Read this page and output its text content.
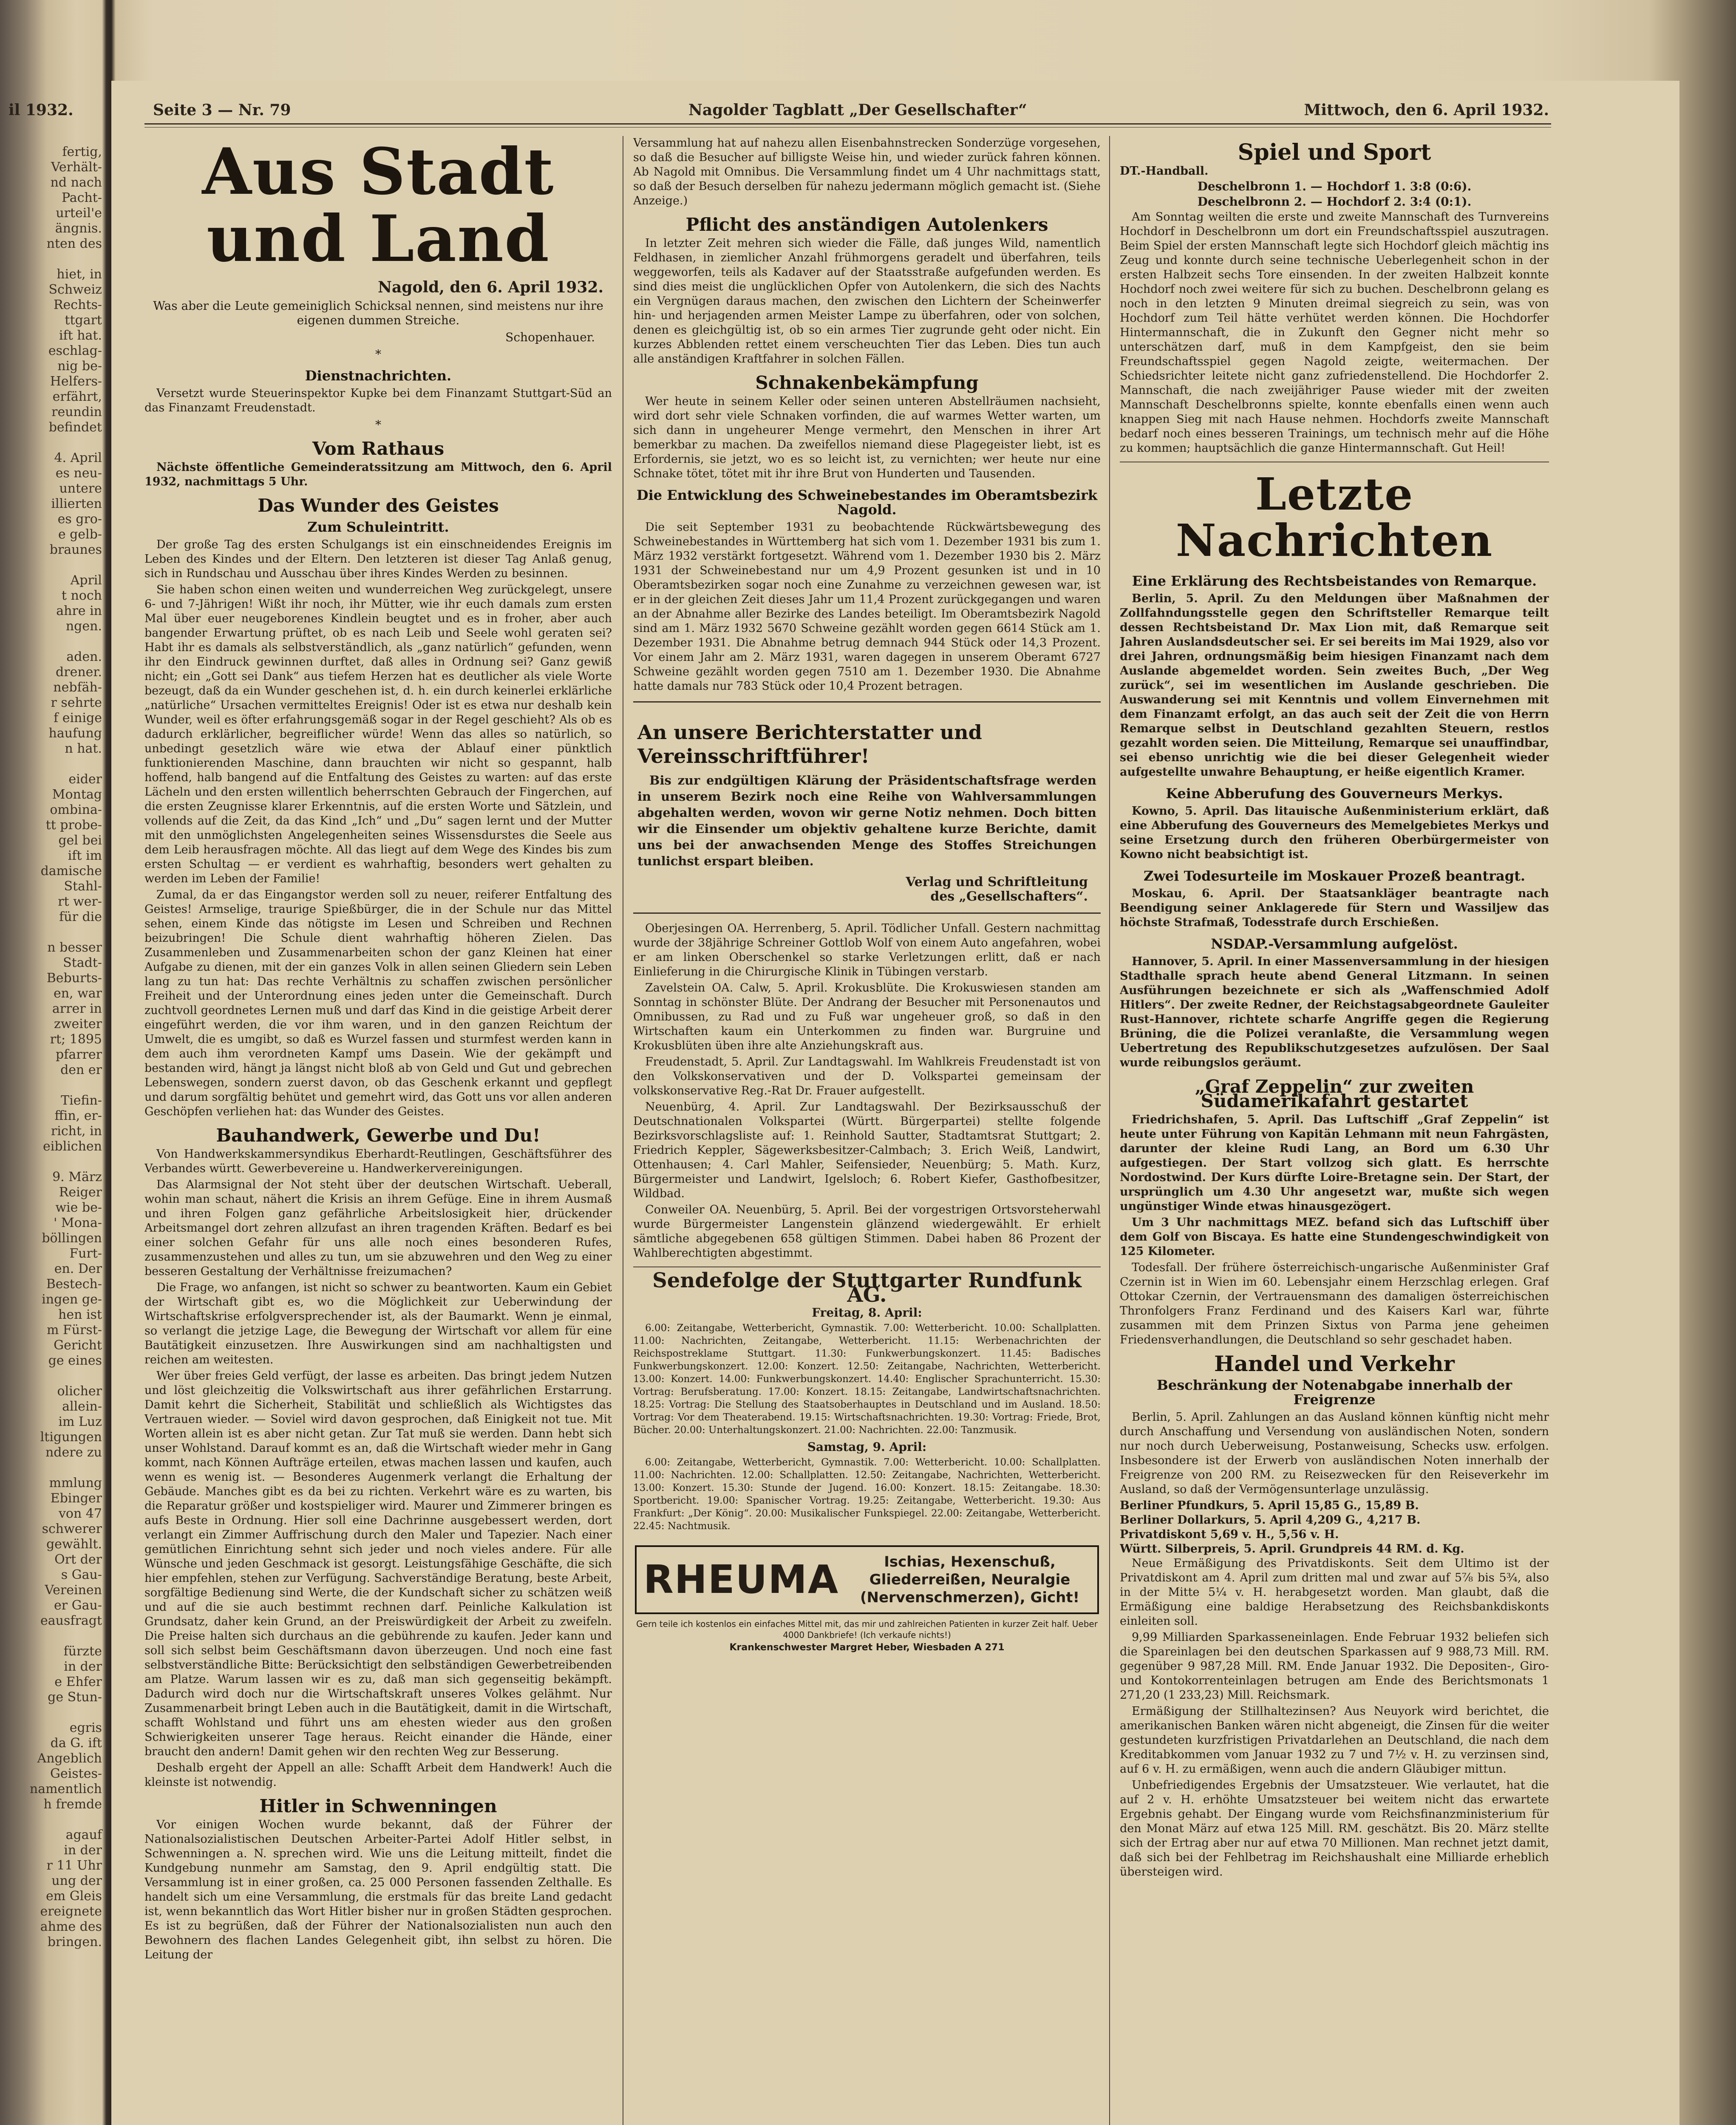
fertig,
Verhält-
nd nach
Pacht-
urteil'e
ängnis.
nten des
hiet, in
Schweiz
Rechts-
ttgart
ift hat.
eschlag-
nig be-
Helfers-
erfährt,
reundin
befindet
4. April
es neu-
untere
illierten
es gro-
e gelb-
braunes
April
t noch
ahre in
ngen.
aden.
drener.
nebfäh-
r sehrte
f einige
haufung
n hat.
eider
Montag
ombina-
tt probe-
gel bei
ift im
damische
Stahl-
rt wer-
für die
n besser
Stadt-
Beburts-
en, war
arrer in
zweiter
rt; 1895
pfarrer
den er
Tiefin-
ffin, er-
richt, in
eiblichen
9. März
Reiger
wie be-
' Mona-
böllingen
Furt-
en. Der
Bestech-
ingen ge-
hen ist
m Fürst-
Gericht
ge eines
olicher
allein-
im Luz
ltigungen
ndere zu
mmlung
Ebinger
von 47
schwerer
gewählt.
Ort der
s Gau-
Vereinen
er Gau-
eausfragt
fürzte
in der
e Ehfer
ge Stun-
egris
da G. ift
Angeblich
Geistes-
namentlich
h fremde
agauf
in der
r 11 Uhr
ung der
em Gleis
ereignete
ahme des
bringen.
il 1932.	Seite 3 — Nr. 79	Nagolder Tagblatt „Der Gesellschafter“	Mittwoch, den 6. April 1932.
Aus Stadt und Land
Nagold, den 6. April 1932.
Was aber die Leute gemeiniglich Schicksal nennen, sind meistens nur ihre eigenen dummen Streiche.
Schopenhauer.
*
Dienstnachrichten.

Versetzt wurde Steuerinspektor Kupke bei dem Finanzamt Stuttgart-Süd an das Finanzamt Freudenstadt.

*
Vom Rathaus

Nächste öffentliche Gemeinderatssitzung am Mittwoch, den 6. April 1932, nachmittags 5 Uhr.

Das Wunder des Geistes
Zum Schuleintritt.

Der große Tag des ersten Schulgangs ist ein einschneidendes Ereignis im Leben des Kindes und der Eltern. Den letzteren ist dieser Tag Anlaß genug, sich in Rundschau und Ausschau über ihres Kindes Werden zu besinnen.

Sie haben schon einen weiten und wunderreichen Weg zurückgelegt, unsere 6- und 7-Jährigen! Wißt ihr noch, ihr Mütter, wie ihr euch damals zum ersten Mal über euer neugeborenes Kindlein beugtet und es in froher, aber auch bangender Erwartung prüftet, ob es nach Leib und Seele wohl geraten sei? Habt ihr es damals als selbstverständlich, als „ganz natürlich“ gefunden, wenn ihr den Eindruck gewinnen durftet, daß alles in Ordnung sei? Ganz gewiß nicht; ein „Gott sei Dank“ aus tiefem Herzen hat es deutlicher als viele Worte bezeugt, daß da ein Wunder geschehen ist, d. h. ein durch keinerlei erklärliche „natürliche“ Ursachen vermitteltes Ereignis! Oder ist es etwa nur deshalb kein Wunder, weil es öfter erfahrungsgemäß sogar in der Regel geschieht? Als ob es dadurch erklärlicher, begreiflicher würde! Wenn das alles so natürlich, so unbedingt gesetzlich wäre wie etwa der Ablauf einer pünktlich funktionierenden Maschine, dann brauchten wir nicht so gespannt, halb hoffend, halb bangend auf die Entfaltung des Geistes zu warten: auf das erste Lächeln und den ersten willentlich beherrschten Gebrauch der Fingerchen, auf die ersten Zeugnisse klarer Erkenntnis, auf die ersten Worte und Sätzlein, und vollends auf die Zeit, da das Kind „Ich“ und „Du“ sagen lernt und der Mutter mit den unmöglichsten Angelegenheiten seines Wissensdurstes die Seele aus dem Leib herausfragen möchte. All das liegt auf dem Wege des Kindes bis zum ersten Schultag — er verdient es wahrhaftig, besonders wert gehalten zu werden im Leben der Familie!

Zumal, da er das Eingangstor werden soll zu neuer, reiferer Entfaltung des Geistes! Armselige, traurige Spießbürger, die in der Schule nur das Mittel sehen, einem Kinde das nötigste im Lesen und Schreiben und Rechnen beizubringen! Die Schule dient wahrhaftig höheren Zielen. Das Zusammenleben und Zusammenarbeiten schon der ganz Kleinen hat einer Aufgabe zu dienen, mit der ein ganzes Volk in allen seinen Gliedern sein Leben lang zu tun hat: Das rechte Verhältnis zu schaffen zwischen persönlicher Freiheit und der Unterordnung eines jeden unter die Gemeinschaft. Durch zuchtvoll geordnetes Lernen muß und darf das Kind in die geistige Arbeit derer eingeführt werden, die vor ihm waren, und in den ganzen Reichtum der Umwelt, die es umgibt, so daß es Wurzel fassen und sturmfest werden kann in dem auch ihm verordneten Kampf ums Dasein. Wie der gekämpft und bestanden wird, hängt ja längst nicht bloß ab von Geld und Gut und gebrechen Lebenswegen, sondern zuerst davon, ob das Geschenk erkannt und gepflegt und darum sorgfältig behütet und gemehrt wird, das Gott uns vor allen anderen Geschöpfen verliehen hat: das Wunder des Geistes.

Bauhandwerk, Gewerbe und Du!

Von Handwerkskammersyndikus Eberhardt-Reutlingen, Geschäftsführer des Verbandes württ. Gewerbevereine u. Handwerkervereinigungen.

Das Alarmsignal der Not steht über der deutschen Wirtschaft. Ueberall, wohin man schaut, nähert die Krisis an ihrem Gefüge. Eine in ihrem Ausmaß und ihren Folgen ganz gefährliche Arbeitslosigkeit hier, drückender Arbeitsmangel dort zehren allzufast an ihren tragenden Kräften. Bedarf es bei einer solchen Gefahr für uns alle noch eines besonderen Rufes, zusammenzustehen und alles zu tun, um sie abzuwehren und den Weg zu einer besseren Gestaltung der Verhältnisse freizumachen?

Die Frage, wo anfangen, ist nicht so schwer zu beantworten. Kaum ein Gebiet der Wirtschaft gibt es, wo die Möglichkeit zur Ueberwindung der Wirtschaftskrise erfolgversprechender ist, als der Baumarkt. Wenn je einmal, so verlangt die jetzige Lage, die Bewegung der Wirtschaft vor allem für eine Bautätigkeit einzusetzen. Ihre Auswirkungen sind am nachhaltigsten und reichen am weitesten.

Wer über freies Geld verfügt, der lasse es arbeiten. Das bringt jedem Nutzen und löst gleichzeitig die Volkswirtschaft aus ihrer gefährlichen Erstarrung. Damit kehrt die Sicherheit, Stabilität und schließlich als Wichtigstes das Vertrauen wieder. — Soviel wird davon gesprochen, daß Einigkeit not tue. Mit Worten allein ist es aber nicht getan. Zur Tat muß sie werden. Dann hebt sich unser Wohlstand. Darauf kommt es an, daß die Wirtschaft wieder mehr in Gang kommt, nach Können Aufträge erteilen, etwas machen lassen und kaufen, auch wenn es wenig ist. — Besonderes Augenmerk verlangt die Erhaltung der Gebäude. Manches gibt es da bei zu richten. Verkehrt wäre es zu warten, bis die Reparatur größer und kostspieliger wird. Maurer und Zimmerer bringen es aufs Beste in Ordnung. Hier soll eine Dachrinne ausgebessert werden, dort verlangt ein Zimmer Auffrischung durch den Maler und Tapezier. Nach einer gemütlichen Einrichtung sehnt sich jeder und noch vieles andere. Für alle Wünsche und jeden Geschmack ist gesorgt. Leistungsfähige Geschäfte, die sich hier empfehlen, stehen zur Verfügung. Sachverständige Beratung, beste Arbeit, sorgfältige Bedienung sind Werte, die der Kundschaft sicher zu schätzen weiß und auf die sie auch bestimmt rechnen darf. Peinliche Kalkulation ist Grundsatz, daher kein Grund, an der Preiswürdigkeit der Arbeit zu zweifeln. Die Preise halten sich durchaus an die gebührende zu kaufen. Jeder kann und soll sich selbst beim Geschäftsmann davon überzeugen. Und noch eine fast selbstverständliche Bitte: Berücksichtigt den selbständigen Gewerbetreibenden am Platze. Warum lassen wir es zu, daß man sich gegenseitig bekämpft. Dadurch wird doch nur die Wirtschaftskraft unseres Volkes gelähmt. Nur Zusammenarbeit bringt Leben auch in die Bautätigkeit, damit in die Wirtschaft, schafft Wohlstand und führt uns am ehesten wieder aus den großen Schwierigkeiten unserer Tage heraus. Reicht einander die Hände, einer braucht den andern! Damit gehen wir den rechten Weg zur Besserung.

Deshalb ergeht der Appell an alle: Schafft Arbeit dem Handwerk! Auch die kleinste ist notwendig.

Hitler in Schwenningen

Vor einigen Wochen wurde bekannt, daß der Führer der Nationalsozialistischen Deutschen Arbeiter-Partei Adolf Hitler selbst, in Schwenningen a. N. sprechen wird. Wie uns die Leitung mitteilt, findet die Kundgebung nunmehr am Samstag, den 9. April endgültig statt. Die Versammlung ist in einer großen, ca. 25 000 Personen fassenden Zelthalle. Es handelt sich um eine Versammlung, die erstmals für das breite Land gedacht ist, wenn bekanntlich das Wort Hitler bisher nur in großen Städten gesprochen. Es ist zu begrüßen, daß der Führer der Nationalsozialisten nun auch den Bewohnern des flachen Landes Gelegenheit gibt, ihn selbst zu hören. Die Leitung der

Versammlung hat auf nahezu allen Eisenbahnstrecken Sonderzüge vorgesehen, so daß die Besucher auf billigste Weise hin, und wieder zurück fahren können. Ab Nagold mit Omnibus. Die Versammlung findet um 4 Uhr nachmittags statt, so daß der Besuch derselben für nahezu jedermann möglich gemacht ist. (Siehe Anzeige.)

Pflicht des anständigen Autolenkers

In letzter Zeit mehren sich wieder die Fälle, daß junges Wild, namentlich Feldhasen, in ziemlicher Anzahl frühmorgens geradelt und überfahren, teils weggeworfen, teils als Kadaver auf der Staatsstraße aufgefunden werden. Es sind dies meist die unglücklichen Opfer von Autolenkern, die sich des Nachts ein Vergnügen daraus machen, den zwischen den Lichtern der Scheinwerfer hin- und herjagenden armen Meister Lampe zu überfahren, oder von solchen, denen es gleichgültig ist, ob so ein armes Tier zugrunde geht oder nicht. Ein kurzes Abblenden rettet einem verscheuchten Tier das Leben. Dies tun auch alle anständigen Kraftfahrer in solchen Fällen.

Schnakenbekämpfung

Wer heute in seinem Keller oder seinen unteren Abstellräumen nachsieht, wird dort sehr viele Schnaken vorfinden, die auf warmes Wetter warten, um sich dann in ungeheurer Menge vermehrt, den Menschen in ihrer Art bemerkbar zu machen. Da zweifellos niemand diese Plagegeister liebt, ist es Erfordernis, sie jetzt, wo es so leicht ist, zu vernichten; wer heute nur eine Schnake tötet, tötet mit ihr ihre Brut von Hunderten und Tausenden.

Die Entwicklung des Schweinebestandes im Oberamtsbezirk Nagold.

Die seit September 1931 zu beobachtende Rückwärtsbewegung des Schweinebestandes in Württemberg hat sich vom 1. Dezember 1931 bis zum 1. März 1932 verstärkt fortgesetzt. Während vom 1. Dezember 1930 bis 2. März 1931 der Schweinebestand nur um 4,9 Prozent gesunken ist und in 10 Oberamtsbezirken sogar noch eine Zunahme zu verzeichnen gewesen war, ist er in der gleichen Zeit dieses Jahr um 11,4 Prozent zurückgegangen und waren an der Abnahme aller Bezirke des Landes beteiligt. Im Oberamtsbezirk Nagold sind am 1. März 1932 5670 Schweine gezählt worden gegen 6614 Stück am 1. Dezember 1931. Die Abnahme betrug demnach 944 Stück oder 14,3 Prozent. Vor einem Jahr am 2. März 1931, waren dagegen in unserem Oberamt 6727 Schweine gezählt worden gegen 7510 am 1. Dezember 1930. Die Abnahme hatte damals nur 783 Stück oder 10,4 Prozent betragen.

An unsere Berichterstatter und Vereinsschriftführer!

Bis zur endgültigen Klärung der Präsidentschaftsfrage werden in unserem Bezirk noch eine Reihe von Wahlversammlungen abgehalten werden, wovon wir gerne Notiz nehmen. Doch bitten wir die Einsender um objektiv gehaltene kurze Berichte, damit uns bei der anwachsenden Menge des Stoffes Streichungen tunlichst erspart bleiben.

Verlag und Schriftleitung
des „Gesellschafters“.

Oberjesingen OA. Herrenberg, 5. April. Tödlicher Unfall. Gestern nachmittag wurde der 38jährige Schreiner Gottlob Wolf von einem Auto angefahren, wobei er am linken Oberschenkel so starke Verletzungen erlitt, daß er nach Einlieferung in die Chirurgische Klinik in Tübingen verstarb.

Zavelstein OA. Calw, 5. April. Krokusblüte. Die Krokuswiesen standen am Sonntag in schönster Blüte. Der Andrang der Besucher mit Personenautos und Omnibussen, zu Rad und zu Fuß war ungeheuer groß, so daß in den Wirtschaften kaum ein Unterkommen zu finden war. Burgruine und Krokusblüten üben ihre alte Anziehungskraft aus.

Freudenstadt, 5. April. Zur Landtagswahl. Im Wahlkreis Freudenstadt ist von den Volkskonservativen und der D. Volkspartei gemeinsam der volkskonservative Reg.-Rat Dr. Frauer aufgestellt.

Neuenbürg, 4. April. Zur Landtagswahl. Der Bezirksausschuß der Deutschnationalen Volkspartei (Württ. Bürgerpartei) stellte folgende Bezirksvorschlagsliste auf: 1. Reinhold Sautter, Stadtamtsrat Stuttgart; 2. Friedrich Keppler, Sägewerksbesitzer-Calmbach; 3. Erich Weiß, Landwirt, Ottenhausen; 4. Carl Mahler, Seifensieder, Neuenbürg; 5. Math. Kurz, Bürgermeister und Landwirt, Igelsloch; 6. Robert Kiefer, Gasthofbesitzer, Wildbad.

Conweiler OA. Neuenbürg, 5. April. Bei der vorgestrigen Ortsvorsteherwahl wurde Bürgermeister Langenstein glänzend wiedergewählt. Er erhielt sämtliche abgegebenen 658 gültigen Stimmen. Dabei haben 86 Prozent der Wahlberechtigten abgestimmt.

Sendefolge der Stuttgarter Rundfunk AG.
Freitag, 8. April:

6.00: Zeitangabe, Wetterbericht, Gymnastik. 7.00: Wetterbericht. 10.00: Schallplatten. 11.00: Nachrichten, Zeitangabe, Wetterbericht. 11.15: Werbenachrichten der Reichspostreklame Stuttgart. 11.30: Funkwerbungskonzert. 11.45: Badisches Funkwerbungskonzert. 12.00: Konzert. 12.50: Zeitangabe, Nachrichten, Wetterbericht. 13.00: Konzert. 14.00: Funkwerbungskonzert. 14.40: Englischer Sprachunterricht. 15.30: Vortrag: Berufsberatung. 17.00: Konzert. 18.15: Zeitangabe, Landwirtschaftsnachrichten. 18.25: Vortrag: Die Stellung des Staatsoberhauptes in Deutschland und im Ausland. 18.50: Vortrag: Vor dem Theaterabend. 19.15: Wirtschaftsnachrichten. 19.30: Vortrag: Friede, Brot, Bücher. 20.00: Unterhaltungskonzert. 21.00: Nachrichten. 22.00: Tanzmusik.

Samstag, 9. April:

6.00: Zeitangabe, Wetterbericht, Gymnastik. 7.00: Wetterbericht. 10.00: Schallplatten. 11.00: Nachrichten. 12.00: Schallplatten. 12.50: Zeitangabe, Nachrichten, Wetterbericht. 13.00: Konzert. 15.30: Stunde der Jugend. 16.00: Konzert. 18.15: Zeitangabe. 18.30: Sportbericht. 19.00: Spanischer Vortrag. 19.25: Zeitangabe, Wetterbericht. 19.30: Aus Frankfurt: „Der König“. 20.00: Musikalischer Funkspiegel. 22.00: Zeitangabe, Wetterbericht. 22.45: Nachtmusik.

RHEUMA	Ischias, Hexenschuß,
Gliederreißen, Neuralgie
(Nervenschmerzen), Gicht!
Gern teile ich kostenlos ein einfaches Mittel mit, das mir und zahlreichen Patienten in kurzer Zeit half. Ueber 4000 Dankbriefe! (Ich verkaufe nichts!)
Krankenschwester Margret Heber, Wiesbaden A 271
Spiel und Sport
DT.-Handball.
Deschelbronn 1. — Hochdorf 1. 3:8 (0:6).
Deschelbronn 2. — Hochdorf 2. 3:4 (0:1).

Am Sonntag weilten die erste und zweite Mannschaft des Turnvereins Hochdorf in Deschelbronn um dort ein Freundschaftsspiel auszutragen. Beim Spiel der ersten Mannschaft legte sich Hochdorf gleich mächtig ins Zeug und konnte durch seine technische Ueberlegenheit schon in der ersten Halbzeit sechs Tore einsenden. In der zweiten Halbzeit konnte Hochdorf noch zwei weitere für sich zu buchen. Deschelbronn gelang es noch in den letzten 9 Minuten dreimal siegreich zu sein, was von Hochdorf zum Teil hätte verhütet werden können. Die Hochdorfer Hintermannschaft, die in Zukunft den Gegner nicht mehr so unterschätzen darf, muß in dem Kampfgeist, den sie beim Freundschaftsspiel gegen Nagold zeigte, weitermachen. Der Schiedsrichter leitete nicht ganz zufriedenstellend. Die Hochdorfer 2. Mannschaft, die nach zweijähriger Pause wieder mit der zweiten Mannschaft Deschelbronns spielte, konnte ebenfalls einen wenn auch knappen Sieg mit nach Hause nehmen. Hochdorfs zweite Mannschaft bedarf noch eines besseren Trainings, um technisch mehr auf die Höhe zu kommen; hauptsächlich die ganze Hintermannschaft. Gut Heil!

Letzte Nachrichten
Eine Erklärung des Rechtsbeistandes von Remarque.

Berlin, 5. April. Zu den Meldungen über Maßnahmen der Zollfahndungsstelle gegen den Schriftsteller Remarque teilt dessen Rechtsbeistand Dr. Max Lion mit, daß Remarque seit Jahren Auslandsdeutscher sei. Er sei bereits im Mai 1929, also vor drei Jahren, ordnungsmäßig beim hiesigen Finanzamt nach dem Auslande abgemeldet worden. Sein zweites Buch, „Der Weg zurück“, sei im wesentlichen im Auslande geschrieben. Die Auswanderung sei mit Kenntnis und vollem Einvernehmen mit dem Finanzamt erfolgt, an das auch seit der Zeit die von Herrn Remarque selbst in Deutschland gezahlten Steuern, restlos gezahlt worden seien. Die Mitteilung, Remarque sei unauffindbar, sei ebenso unrichtig wie die bei dieser Gelegenheit wieder aufgestellte unwahre Behauptung, er heiße eigentlich Kramer.

Keine Abberufung des Gouverneurs Merkys.

Kowno, 5. April. Das litauische Außenministerium erklärt, daß eine Abberufung des Gouverneurs des Memelgebietes Merkys und seine Ersetzung durch den früheren Oberbürgermeister von Kowno nicht beabsichtigt ist.

Zwei Todesurteile im Moskauer Prozeß beantragt.

Moskau, 6. April. Der Staatsankläger beantragte nach Beendigung seiner Anklagerede für Stern und Wassiljew das höchste Strafmaß, Todesstrafe durch Erschießen.

NSDAP.-Versammlung aufgelöst.

Hannover, 5. April. In einer Massenversammlung in der hiesigen Stadthalle sprach heute abend General Litzmann. In seinen Ausführungen bezeichnete er sich als „Waffenschmied Adolf Hitlers“. Der zweite Redner, der Reichstagsabgeordnete Gauleiter Rust-Hannover, richtete scharfe Angriffe gegen die Regierung Brüning, die die Polizei veranlaßte, die Versammlung wegen Uebertretung des Republikschutzgesetzes aufzulösen. Der Saal wurde reibungslos geräumt.

„Graf Zeppelin“ zur zweiten Südamerikafahrt gestartet

Friedrichshafen, 5. April. Das Luftschiff „Graf Zeppelin“ ist heute unter Führung von Kapitän Lehmann mit neun Fahrgästen, darunter der kleine Rudi Lang, an Bord um 6.30 Uhr aufgestiegen. Der Start vollzog sich glatt. Es herrschte Nordostwind. Der Kurs dürfte Loire-Bretagne sein. Der Start, der ursprünglich um 4.30 Uhr angesetzt war, mußte sich wegen ungünstiger Winde etwas hinausgezögert.

Um 3 Uhr nachmittags MEZ. befand sich das Luftschiff über dem Golf von Biscaya. Es hatte eine Stundengeschwindigkeit von 125 Kilometer.

Todesfall. Der frühere österreichisch-ungarische Außenminister Graf Czernin ist in Wien im 60. Lebensjahr einem Herzschlag erlegen. Graf Ottokar Czernin, der Vertrauensmann des damaligen österreichischen Thronfolgers Franz Ferdinand und des Kaisers Karl war, führte zusammen mit dem Prinzen Sixtus von Parma jene geheimen Friedensverhandlungen, die Deutschland so sehr geschadet haben.

Handel und Verkehr
Beschränkung der Notenabgabe innerhalb der Freigrenze

Berlin, 5. April. Zahlungen an das Ausland können künftig nicht mehr durch Anschaffung und Versendung von ausländischen Noten, sondern nur noch durch Ueberweisung, Postanweisung, Schecks usw. erfolgen. Insbesondere ist der Erwerb von ausländischen Noten innerhalb der Freigrenze von 200 RM. zu Reisezwecken für den Reiseverkehr im Ausland, so daß der Vermögensunterlage unzulässig.

Berliner Pfundkurs, 5. April 15,85 G., 15,89 B.
Berliner Dollarkurs, 5. April 4,209 G., 4,217 B.
Privatdiskont 5,69 v. H., 5,56 v. H.
Württ. Silberpreis, 5. April. Grundpreis 44 RM. d. Kg.

Neue Ermäßigung des Privatdiskonts. Seit dem Ultimo ist der Privatdiskont am 4. April zum dritten mal und zwar auf 5⅞ bis 5¾, also in der Mitte 5¼ v. H. herabgesetzt worden. Man glaubt, daß die Ermäßigung eine baldige Herabsetzung des Reichsbankdiskonts einleiten soll.

9,99 Milliarden Sparkasseneinlagen. Ende Februar 1932 beliefen sich die Spareinlagen bei den deutschen Sparkassen auf 9 988,73 Mill. RM. gegenüber 9 987,28 Mill. RM. Ende Januar 1932. Die Depositen-, Giro- und Kontokorrenteinlagen betrugen am Ende des Berichtsmonats 1 271,20 (1 233,23) Mill. Reichsmark.

Ermäßigung der Stillhaltezinsen? Aus Neuyork wird berichtet, die amerikanischen Banken wären nicht abgeneigt, die Zinsen für die weiter gestundeten kurzfristigen Privatdarlehen an Deutschland, die nach dem Kreditabkommen vom Januar 1932 zu 7 und 7½ v. H. zu verzinsen sind, auf 6 v. H. zu ermäßigen, wenn auch die andern Gläubiger mittun.

Unbefriedigendes Ergebnis der Umsatzsteuer. Wie verlautet, hat die auf 2 v. H. erhöhte Umsatzsteuer bei weitem nicht das erwartete Ergebnis gehabt. Der Eingang wurde vom Reichsfinanzministerium für den Monat März auf etwa 125 Mill. RM. geschätzt. Bis 20. März stellte sich der Ertrag aber nur auf etwa 70 Millionen. Man rechnet jetzt damit, daß sich bei der Fehlbetrag im Reichshaushalt eine Milliarde erheblich übersteigen wird.
